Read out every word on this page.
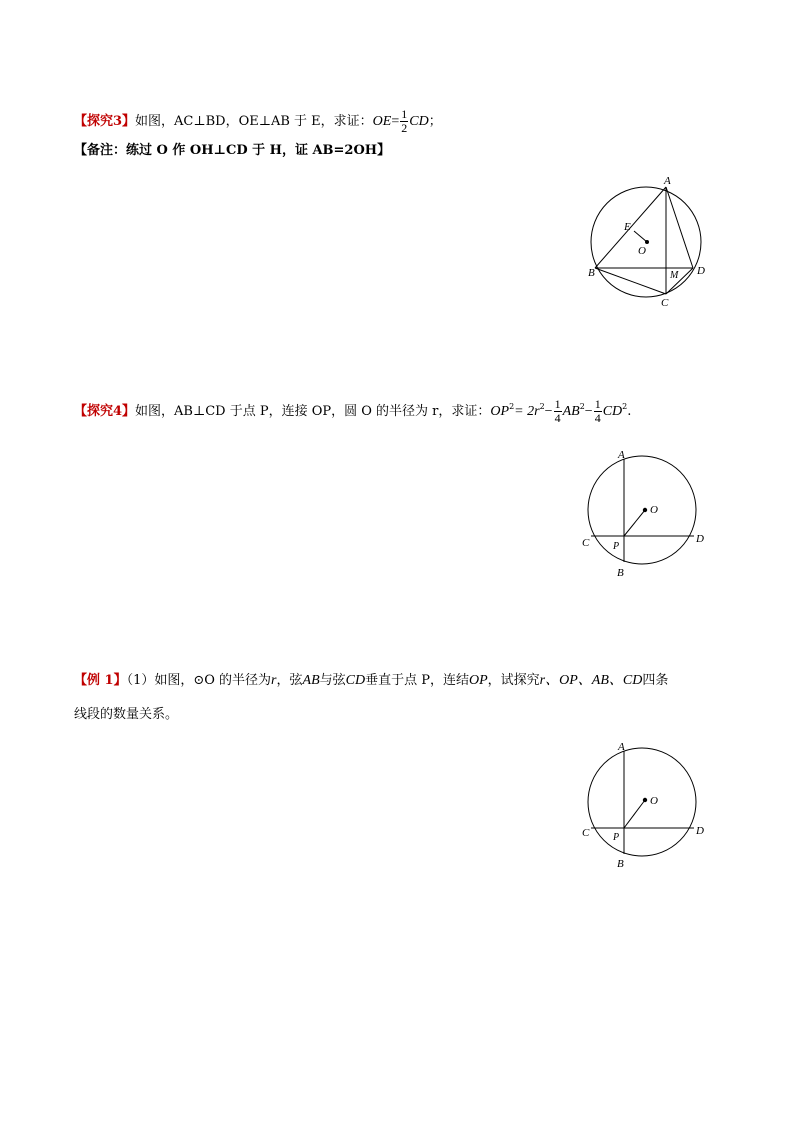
【探究3】如图，AC⊥BD，OE⊥AB 于 E，求证：$OE= \frac{1}{2}$ CD；
【备注：练过 O 作 OH⊥CD 于 H，证 AB=2OH】
A
E
O
B	M D
C
【探究4】如图，AB⊥CD 于点 P，连接 OP，圆 O 的半径为 r，求证：$OP^2= 2r^2- \frac{1}{4} AB^2- \frac{1}{4} CD^2$.
A
O
C P
D
B
【例 1】（1）如图，⊙O 的半径为r，弦AB与弦CD垂直于点 P，连结OP，试探究r、OP、AB、CD四条
线段的数量关系。
A
O
C P
D
B
